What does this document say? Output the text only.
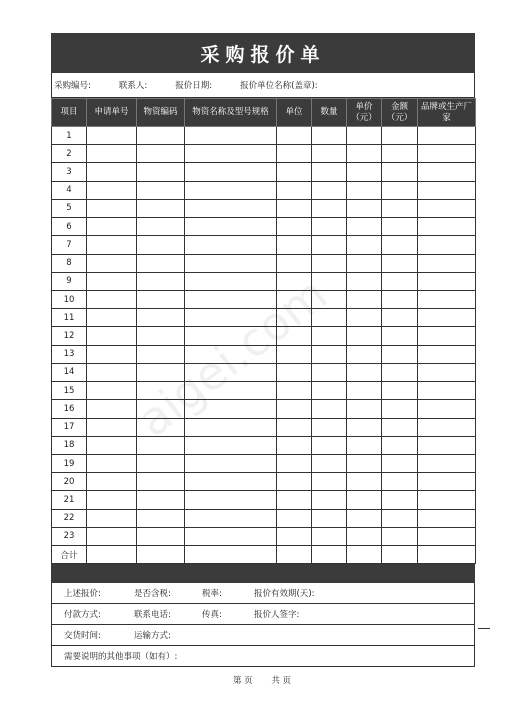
aigei.com
采购报价单
采购编号:	联系人:	报价日期:	报价单位名称(盖章):
项目	申请单号	物资编码	物资名称及型号规格	单位	数量	单价（元）	金额（元）	品牌或生产厂家
1								
2								
3								
4								
5								
6								
7								
8								
9								
10								
11								
12								
13								
14								
15								
16								
17								
18								
19								
20								
21								
22								
23								
合计								
上述报价:	是否含税:	税率:	报价有效期(天):
付款方式:	联系电话:	传真:	报价人签字:
交货时间:	运输方式:
需要说明的其他事项（如有）:
第 页 共 页
